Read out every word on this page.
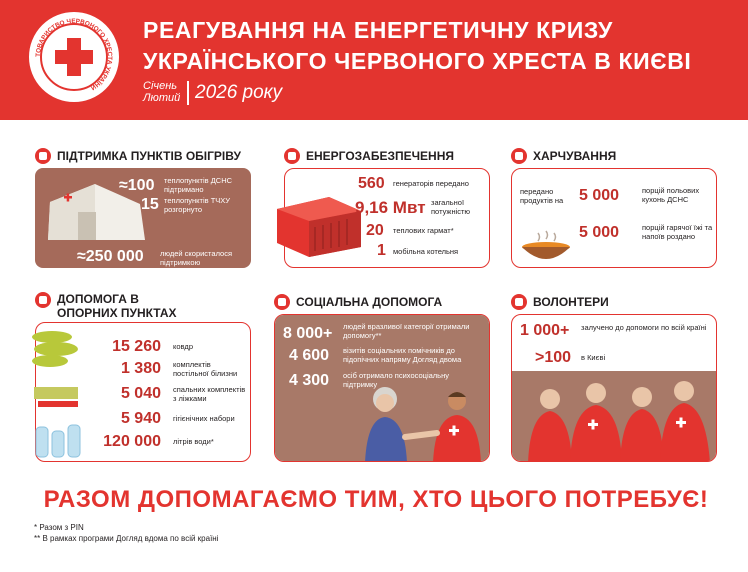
ТОВАРИСТВО ЧЕРВОНОГО ХРЕСТА УКРАЇНИ
РЕАГУВАННЯ НА ЕНЕРГЕТИЧНУ КРИЗУ
УКРАЇНСЬКОГО ЧЕРВОНОГО ХРЕСТА В КИЄВІ
Січень
Лютий 2026 року
ПІДТРИМКА ПУНКТІВ ОБІГРІВУ
≈100 теплопунктів ДСНС підтримано
15 теплопунктів ТЧХУ розгорнуто
≈250 000 людей скористалося підтримкою
ЕНЕРГОЗАБЕЗПЕЧЕННЯ
560 генераторів передано
9,16 Мвт загальної потужністю
20 теплових гармат*
1 мобільна котельня
ХАРЧУВАННЯ
передано продуктів на 5 000	порцій польових кухонь ДСНС
5 000	порцій гарячої їжі та напоїв роздано
ДОПОМОГА В
ОПОРНИХ ПУНКТАХ
15 260 ковдр
1 380 комплектів постільної білизни
5 040 спальних комплектів з ліжками
5 940 гігієнічних набори
120 000 літрів води*
СОЦІАЛЬНА ДОПОМОГА
8 000+ людей вразливої категорії отримали допомогу**
4 600 візитів соціальних помічників до підопічних напряму Догляд двома
4 300 осіб отримало психосоціальну підтримку
ВОЛОНТЕРИ
1 000+ залучено до допомоги по всій країні
>100 в Києві
РАЗОМ ДОПОМАГАЄМО ТИМ, ХТО ЦЬОГО ПОТРЕБУЄ!
* Разом з PIN
** В рамках програми Догляд вдома по всій країні
